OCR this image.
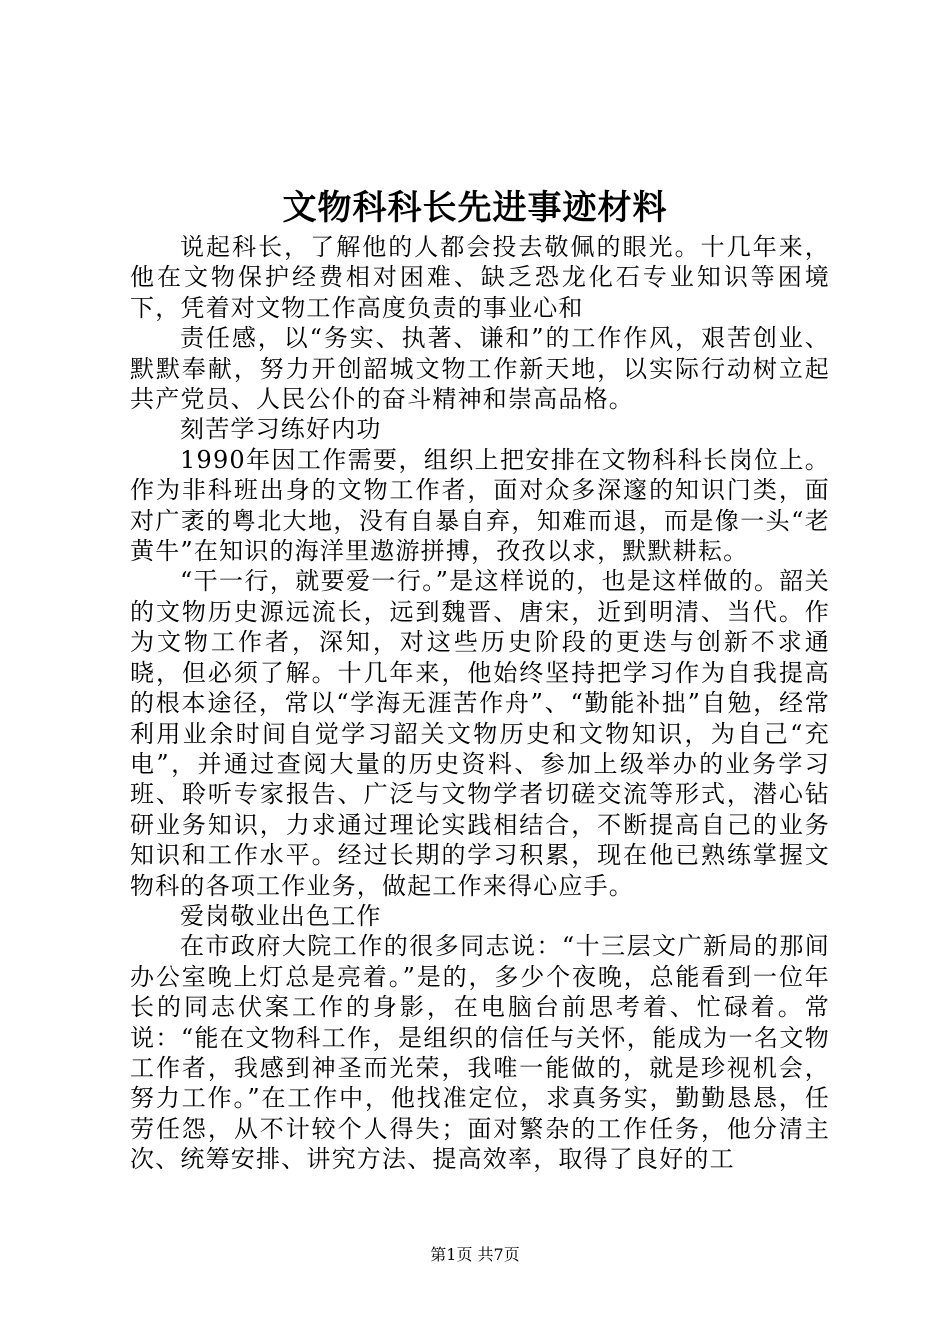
文物科科长先进事迹材料

说起科长，了解他的人都会投去敬佩的眼光。十几年来，他在文物保护经费相对困难、缺乏恐龙化石专业知识等困境下，凭着对文物工作高度负责的事业心和

责任感，以“务实、执著、谦和”的工作作风，艰苦创业、默默奉献，努力开创韶城文物工作新天地，以实际行动树立起共产党员、人民公仆的奋斗精神和崇高品格。

刻苦学习练好内功

1990年因工作需要，组织上把安排在文物科科长岗位上。作为非科班出身的文物工作者，面对众多深邃的知识门类，面对广袤的粤北大地，没有自暴自弃，知难而退，而是像一头“老黄牛”在知识的海洋里遨游拼搏，孜孜以求，默默耕耘。

“干一行，就要爱一行。”是这样说的，也是这样做的。韶关的文物历史源远流长，远到魏晋、唐宋，近到明清、当代。作为文物工作者，深知，对这些历史阶段的更迭与创新不求通晓，但必须了解。十几年来，他始终坚持把学习作为自我提高的根本途径，常以“学海无涯苦作舟”、“勤能补拙”自勉，经常利用业余时间自觉学习韶关文物历史和文物知识，为自己“充电”，并通过查阅大量的历史资料、参加上级举办的业务学习班、聆听专家报告、广泛与文物学者切磋交流等形式，潜心钻研业务知识，力求通过理论实践相结合，不断提高自己的业务知识和工作水平。经过长期的学习积累，现在他已熟练掌握文物科的各项工作业务，做起工作来得心应手。

爱岗敬业出色工作

在市政府大院工作的很多同志说：“十三层文广新局的那间办公室晚上灯总是亮着。”是的，多少个夜晚，总能看到一位年长的同志伏案工作的身影，在电脑台前思考着、忙碌着。常说：“能在文物科工作，是组织的信任与关怀，能成为一名文物工作者，我感到神圣而光荣，我唯一能做的，就是珍视机会，努力工作。”在工作中，他找准定位，求真务实，勤勤恳恳，任劳任怨，从不计较个人得失；面对繁杂的工作任务，他分清主次、统筹安排、讲究方法、提高效率，取得了良好的工

第1页 共7页
